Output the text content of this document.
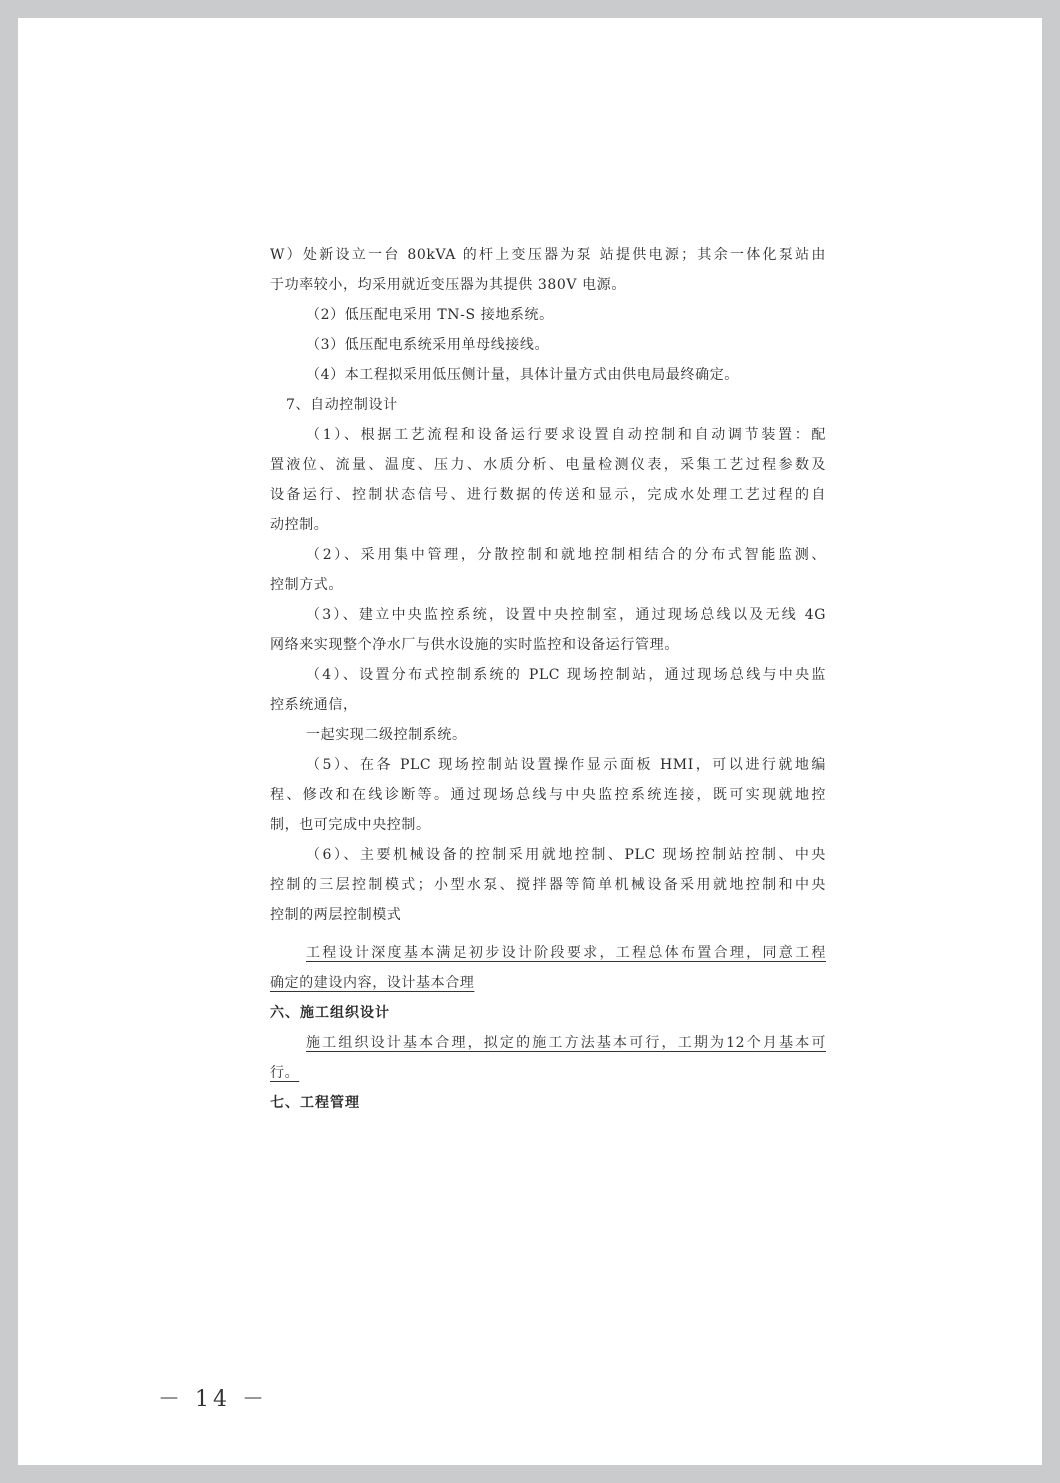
W）处新设立一台 80kVA 的杆上变压器为泵 站提供电源；其余一体化泵站由
于功率较小，均采用就近变压器为其提供 380V 电源。
（2）低压配电采用 TN-S 接地系统。
（3）低压配电系统采用单母线接线。
（4）本工程拟采用低压侧计量，具体计量方式由供电局最终确定。
7、自动控制设计
（1）、根据工艺流程和设备运行要求设置自动控制和自动调节装置：配
置液位、流量、温度、压力、水质分析、电量检测仪表，采集工艺过程参数及
设备运行、控制状态信号、进行数据的传送和显示，完成水处理工艺过程的自
动控制。
（2）、采用集中管理，分散控制和就地控制相结合的分布式智能监测、
控制方式。
（3）、建立中央监控系统，设置中央控制室，通过现场总线以及无线 4G
网络来实现整个净水厂与供水设施的实时监控和设备运行管理。
（4）、设置分布式控制系统的 PLC 现场控制站，通过现场总线与中央监
控系统通信，
一起实现二级控制系统。
（5）、在各 PLC 现场控制站设置操作显示面板 HMI，可以进行就地编
程、修改和在线诊断等。通过现场总线与中央监控系统连接，既可实现就地控
制，也可完成中央控制。
（6）、主要机械设备的控制采用就地控制、PLC 现场控制站控制、中央
控制的三层控制模式；小型水泵、搅拌器等简单机械设备采用就地控制和中央
控制的两层控制模式
工程设计深度基本满足初步设计阶段要求，工程总体布置合理，同意工程
确定的建设内容，设计基本合理
六、施工组织设计
施工组织设计基本合理，拟定的施工方法基本可行，工期为12个月基本可
行。
七、工程管理
－ 14 －
